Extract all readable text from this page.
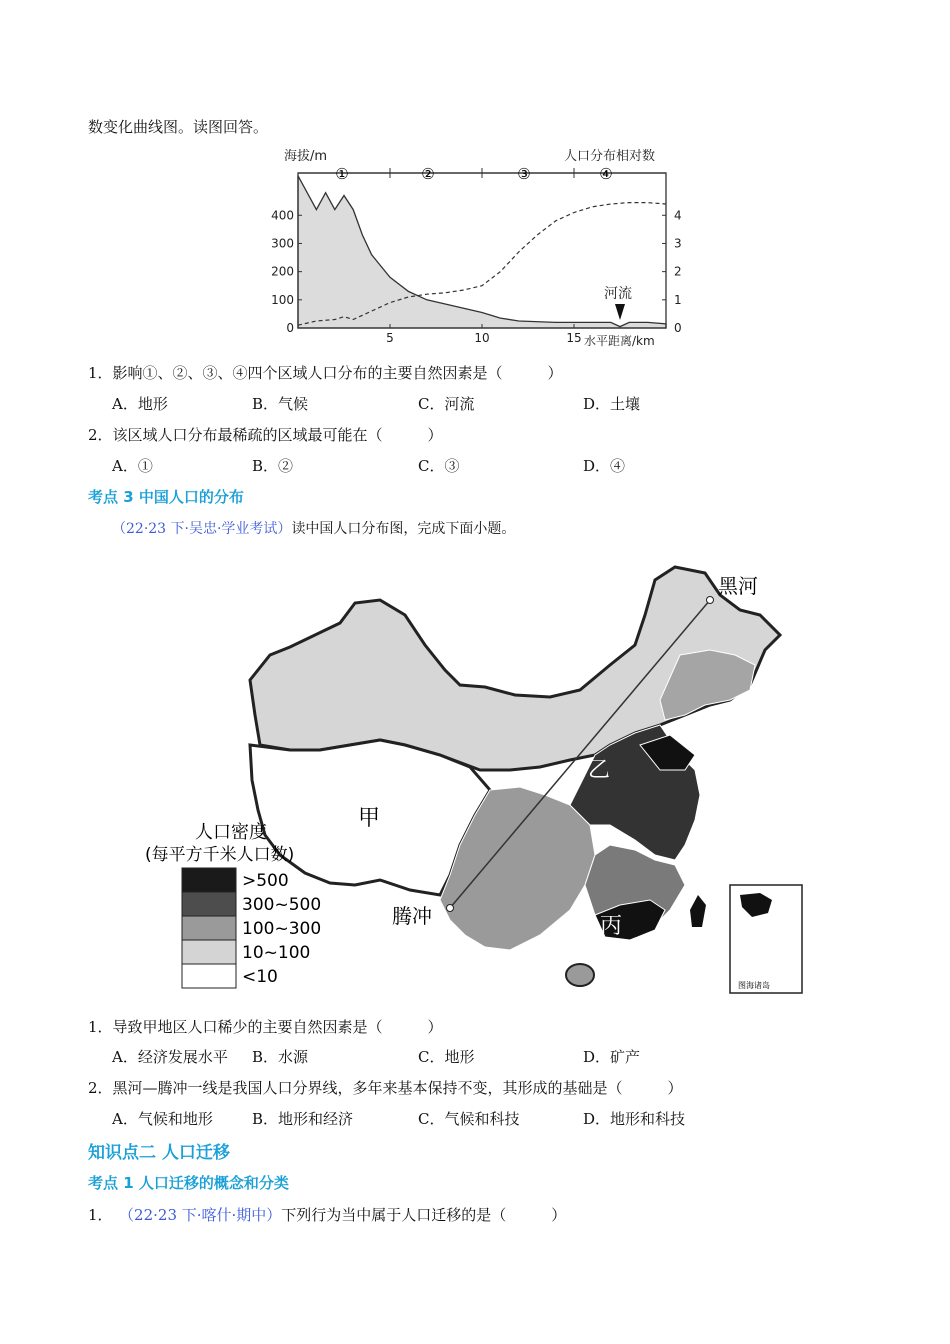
数变化曲线图。读图回答。
海拔/m	人口分布相对数
0
100
200
300
400
0
1
2
3
4
5	10	15
①	②	③	④
河流
水平距离/km
1．影响①、②、③、④四个区域人口分布的主要自然因素是（　　　）
A．地形	B．气候	C．河流	D．土壤
2．该区域人口分布最稀疏的区域最可能在（　　　）
A．①	B．②	C．③	D．④
考点 3 中国人口的分布
（22·23 下·吴忠·学业考试）读中国人口分布图，完成下面小题。
黑河
腾冲
甲
乙
丙
人口密度
(每平方千米人口数)
>500
300~500
100~300
10~100
<10	图海诸岛
1．导致甲地区人口稀少的主要自然因素是（　　　）
A．经济发展水平 B．水源	C．地形	D．矿产
2．黑河—腾冲一线是我国人口分界线，多年来基本保持不变，其形成的基础是（　　　）
A．气候和地形	B．地形和经济	C．气候和科技	D．地形和科技
知识点二 人口迁移
考点 1 人口迁移的概念和分类
1． （22·23 下·喀什·期中）下列行为当中属于人口迁移的是（　　　）
